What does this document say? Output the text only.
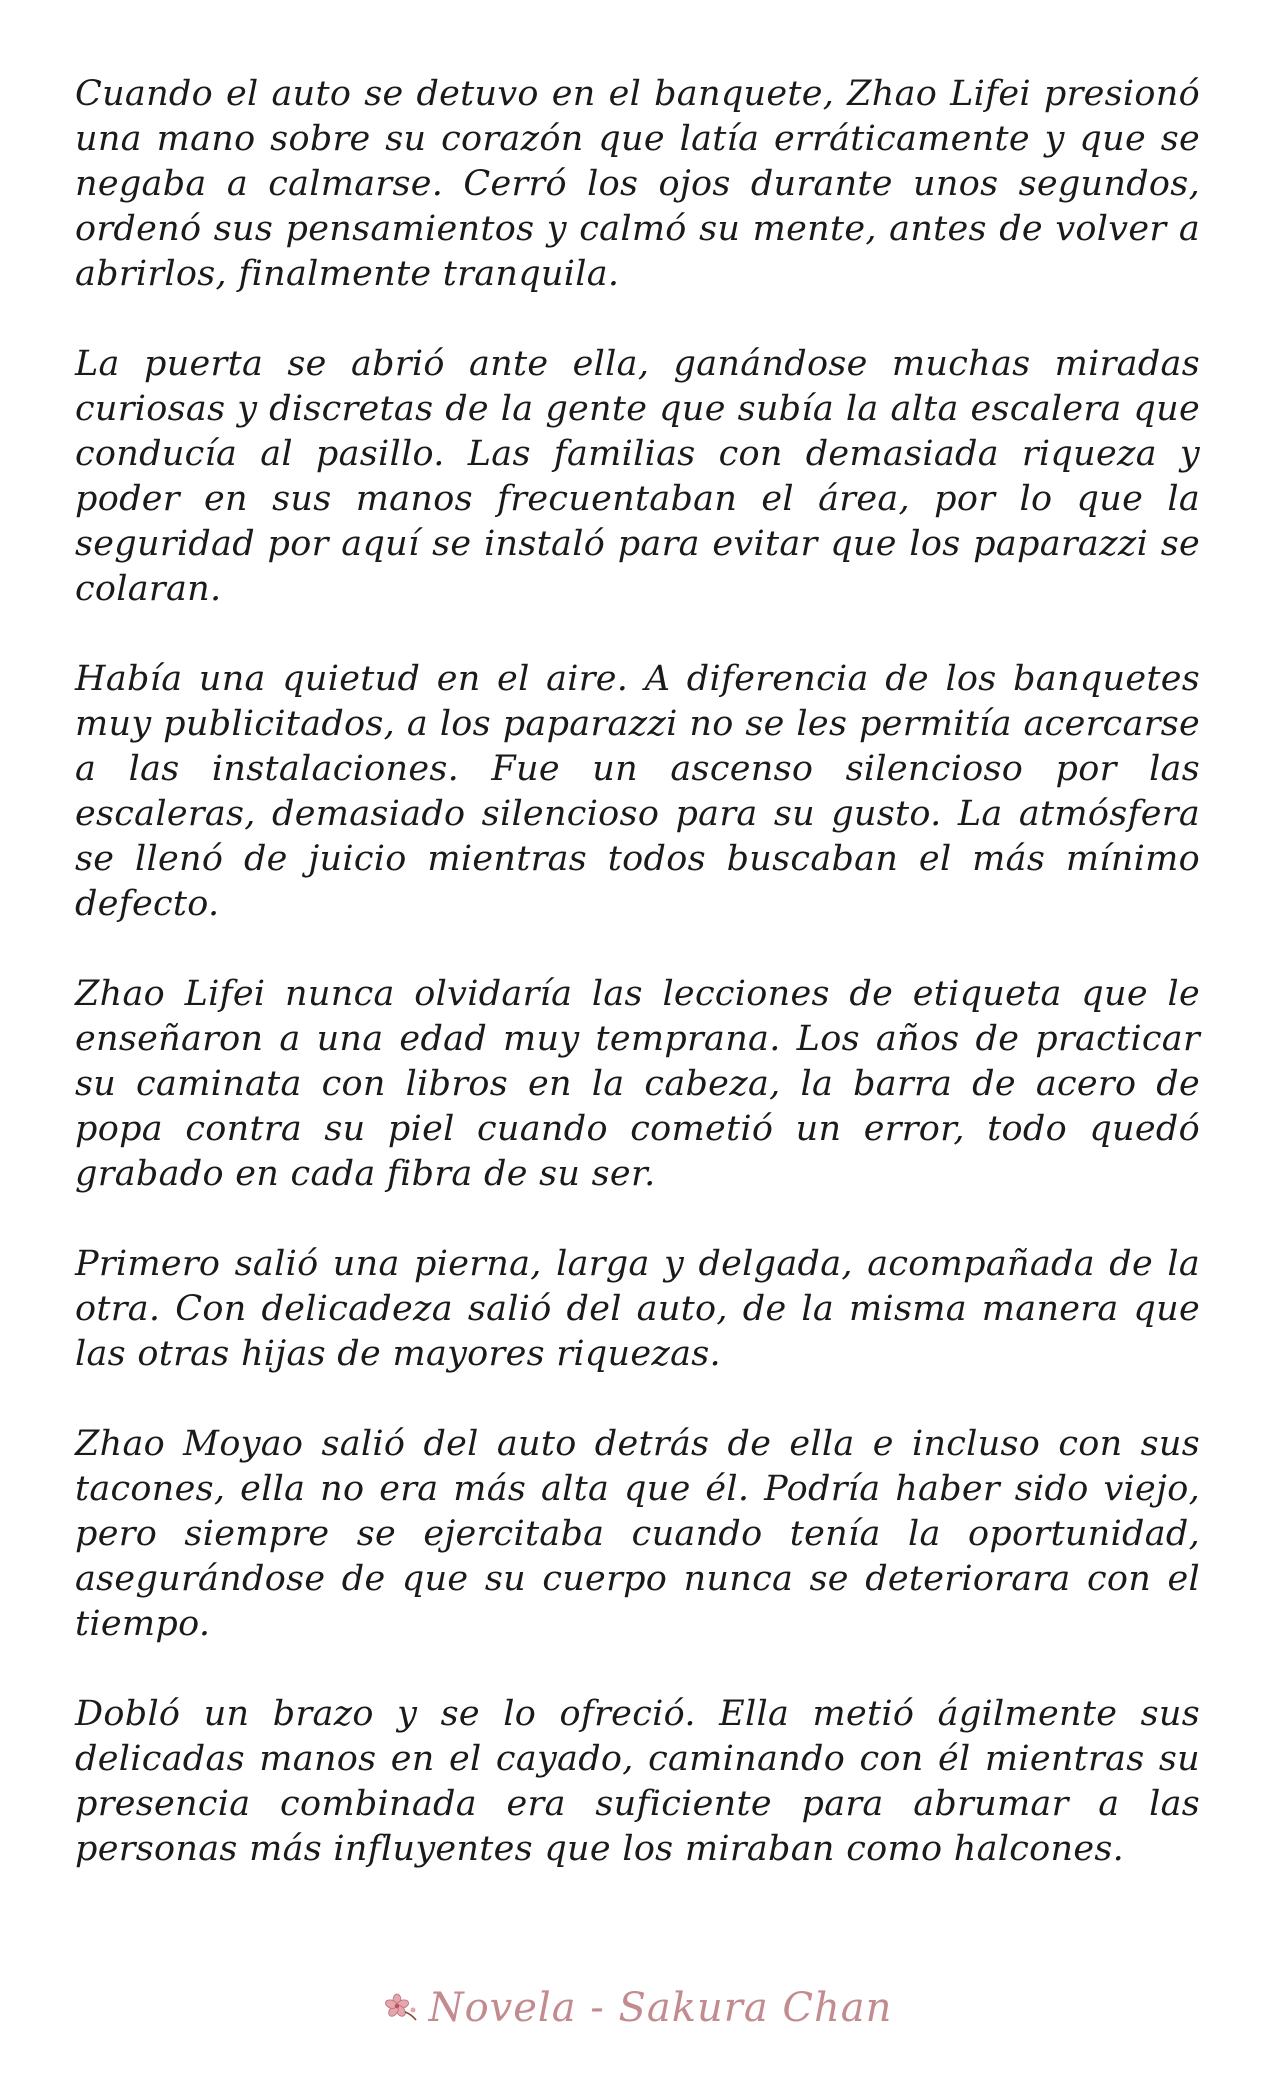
Cuando el auto se detuvo en el banquete, Zhao Lifei presionó una mano sobre su corazón que latía erráticamente y que se negaba a calmarse. Cerró los ojos durante unos segundos, ordenó sus pensamientos y calmó su mente, antes de volver a abrirlos, finalmente tranquila.

La puerta se abrió ante ella, ganándose muchas miradas curiosas y discretas de la gente que subía la alta escalera que conducía al pasillo. Las familias con demasiada riqueza y poder en sus manos frecuentaban el área, por lo que la seguridad por aquí se instaló para evitar que los paparazzi se colaran.

Había una quietud en el aire. A diferencia de los banquetes muy publicitados, a los paparazzi no se les permitía acercarse a las instalaciones. Fue un ascenso silencioso por las escaleras, demasiado silencioso para su gusto. La atmósfera se llenó de juicio mientras todos buscaban el más mínimo defecto.

Zhao Lifei nunca olvidaría las lecciones de etiqueta que le enseñaron a una edad muy temprana. Los años de practicar su caminata con libros en la cabeza, la barra de acero de popa contra su piel cuando cometió un error, todo quedó grabado en cada fibra de su ser.

Primero salió una pierna, larga y delgada, acompañada de la otra. Con delicadeza salió del auto, de la misma manera que las otras hijas de mayores riquezas.

Zhao Moyao salió del auto detrás de ella e incluso con sus tacones, ella no era más alta que él. Podría haber sido viejo, pero siempre se ejercitaba cuando tenía la oportunidad, asegurándose de que su cuerpo nunca se deteriorara con el tiempo.

Dobló un brazo y se lo ofreció. Ella metió ágilmente sus delicadas manos en el cayado, caminando con él mientras su presencia combinada era suficiente para abrumar a las personas más influyentes que los miraban como halcones.

Novela - Sakura Chan
